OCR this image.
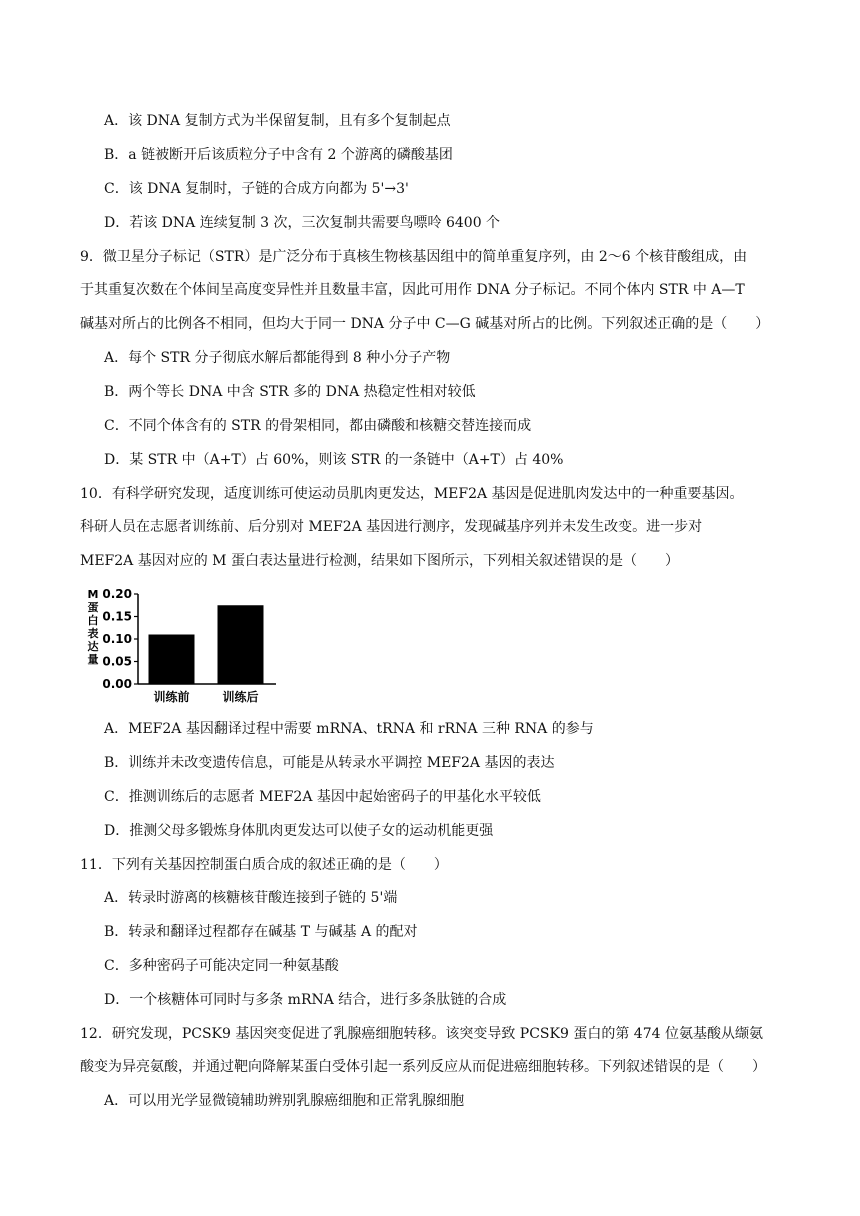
A．该 DNA 复制方式为半保留复制，且有多个复制起点
B．a 链被断开后该质粒分子中含有 2 个游离的磷酸基团
C．该 DNA 复制时，子链的合成方向都为 5'→3'
D．若该 DNA 连续复制 3 次，三次复制共需要鸟嘌呤 6400 个
9．微卫星分子标记（STR）是广泛分布于真核生物核基因组中的简单重复序列，由 2～6 个核苷酸组成，由
于其重复次数在个体间呈高度变异性并且数量丰富，因此可用作 DNA 分子标记。不同个体内 STR 中 A—T
碱基对所占的比例各不相同，但均大于同一 DNA 分子中 C—G 碱基对所占的比例。下列叙述正确的是（　　）
A．每个 STR 分子彻底水解后都能得到 8 种小分子产物
B．两个等长 DNA 中含 STR 多的 DNA 热稳定性相对较低
C．不同个体含有的 STR 的骨架相同，都由磷酸和核糖交替连接而成
D．某 STR 中（A+T）占 60%，则该 STR 的一条链中（A+T）占 40%
10．有科学研究发现，适度训练可使运动员肌肉更发达，MEF2A 基因是促进肌肉发达中的一种重要基因。
科研人员在志愿者训练前、后分别对 MEF2A 基因进行测序，发现碱基序列并未发生改变。进一步对
MEF2A 基因对应的 M 蛋白表达量进行检测，结果如下图所示，下列相关叙述错误的是（　　）
M
蛋
白
表
达
量
0.00
0.05
0.10
0.15
0.20
训练前	训练后
A．MEF2A 基因翻译过程中需要 mRNA、tRNA 和 rRNA 三种 RNA 的参与
B．训练并未改变遗传信息，可能是从转录水平调控 MEF2A 基因的表达
C．推测训练后的志愿者 MEF2A 基因中起始密码子的甲基化水平较低
D．推测父母多锻炼身体肌肉更发达可以使子女的运动机能更强
11．下列有关基因控制蛋白质合成的叙述正确的是（　　）
A．转录时游离的核糖核苷酸连接到子链的 5'端
B．转录和翻译过程都存在碱基 T 与碱基 A 的配对
C．多种密码子可能决定同一种氨基酸
D．一个核糖体可同时与多条 mRNA 结合，进行多条肽链的合成
12．研究发现，PCSK9 基因突变促进了乳腺癌细胞转移。该突变导致 PCSK9 蛋白的第 474 位氨基酸从缬氨
酸变为异亮氨酸，并通过靶向降解某蛋白受体引起一系列反应从而促进癌细胞转移。下列叙述错误的是（　　）
A．可以用光学显微镜辅助辨别乳腺癌细胞和正常乳腺细胞
